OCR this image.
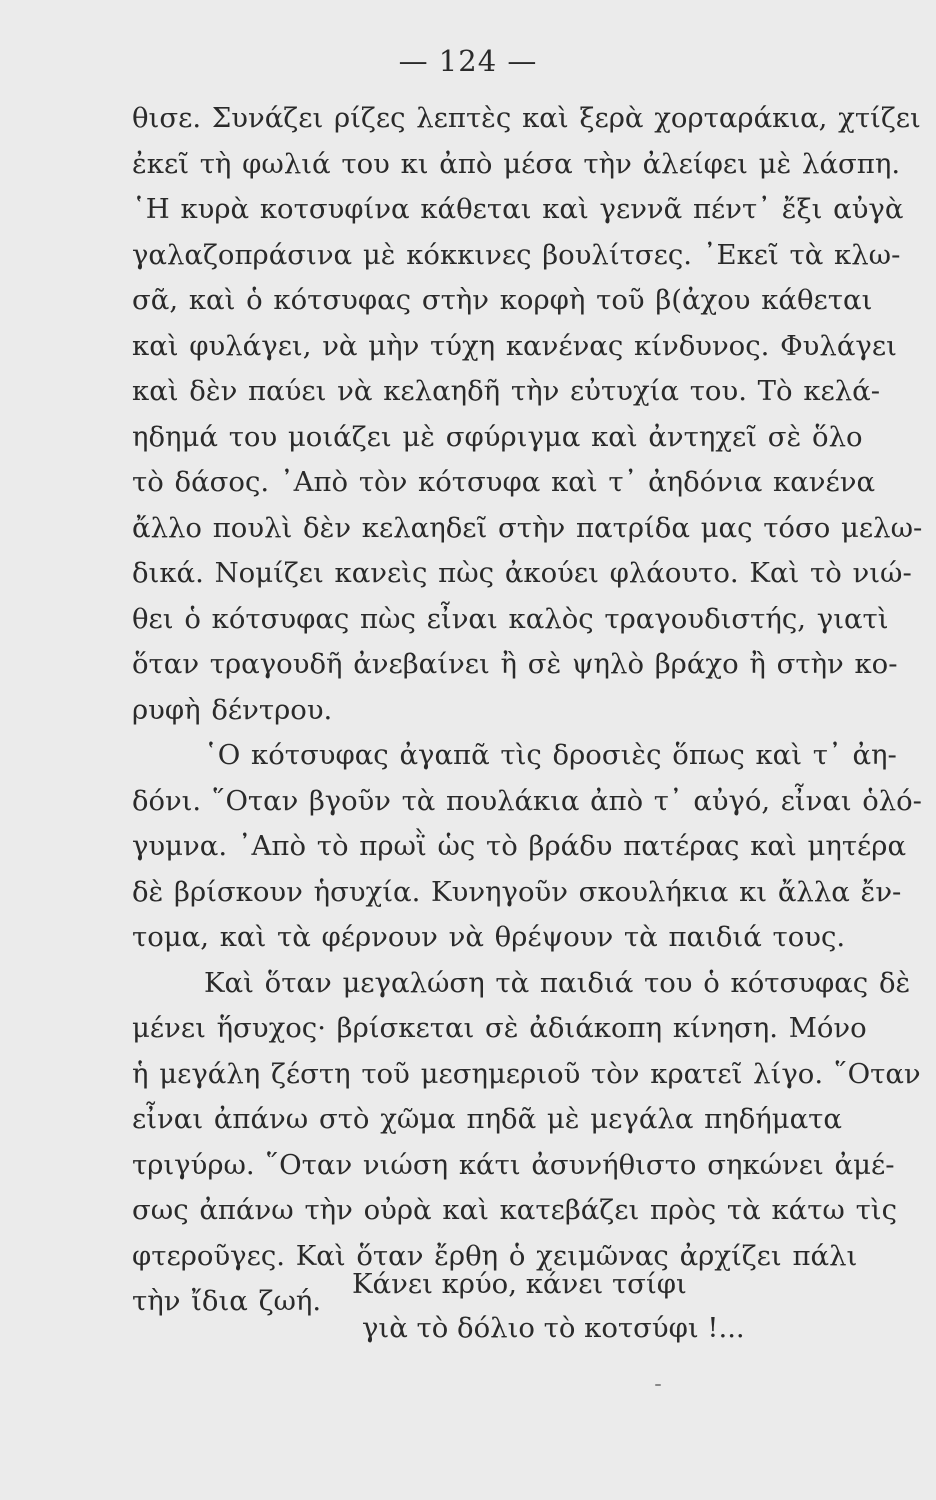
— 124 —
θισε. Συνάζει ρίζες λεπτὲς καὶ ξερὰ χορταράκια, χτίζει
ἐκεῖ τὴ φωλιά του κι ἀπὸ μέσα τὴν ἀλείφει μὲ λάσπη.
῾Η κυρὰ κοτσυφίνα κάθεται καὶ γεννᾶ πέντ᾽ ἔξι αὐγὰ
γαλαζοπράσινα μὲ κόκκινες βουλίτσες. ᾽Εκεῖ τὰ κλω-
σᾶ, καὶ ὁ κότσυφας στὴν κορφὴ τοῦ β(ἀχου κάθεται
καὶ φυλάγει, νὰ μὴν τύχη κανένας κίνδυνος. Φυλάγει
καὶ δὲν παύει νὰ κελαηδῆ τὴν εὐτυχία του. Τὸ κελά-
ηδημά του μοιάζει μὲ σφύριγμα καὶ ἀντηχεῖ σὲ ὅλο
τὸ δάσος. ᾽Απὸ τὸν κότσυφα καὶ τ᾽ ἀηδόνια κανένα
ἄλλο πουλὶ δὲν κελαηδεῖ στὴν πατρίδα μας τόσο μελω-
δικά. Νομίζει κανεὶς πὼς ἀκούει φλάουτο. Καὶ τὸ νιώ-
θει ὁ κότσυφας πὼς εἶναι καλὸς τραγουδιστής, γιατὶ
ὅταν τραγουδῆ ἀνεβαίνει ἢ σὲ ψηλὸ βράχο ἢ στὴν κο-
ρυφὴ δέντρου.
῾Ο κότσυφας ἀγαπᾶ τὶς δροσιὲς ὅπως καὶ τ᾽ ἀη-
δόνι. ῞Οταν βγοῦν τὰ πουλάκια ἀπὸ τ᾽ αὐγό, εἶναι ὁλό-
γυμνα. ᾽Απὸ τὸ πρωῒ ὡς τὸ βράδυ πατέρας καὶ μητέρα
δὲ βρίσκουν ἡσυχία. Κυνηγοῦν σκουλήκια κι ἄλλα ἔν-
τομα, καὶ τὰ φέρνουν νὰ θρέψουν τὰ παιδιά τους.
Καὶ ὅταν μεγαλώση τὰ παιδιά του ὁ κότσυφας δὲ
μένει ἥσυχος· βρίσκεται σὲ ἀδιάκοπη κίνηση. Μόνο
ἡ μεγάλη ζέστη τοῦ μεσημεριοῦ τὸν κρατεῖ λίγο. ῞Οταν
εἶναι ἀπάνω στὸ χῶμα πηδᾶ μὲ μεγάλα πηδήματα
τριγύρω. ῞Οταν νιώση κάτι ἀσυνήθιστο σηκώνει ἀμέ-
σως ἀπάνω τὴν οὐρὰ καὶ κατεβάζει πρὸς τὰ κάτω τὶς
φτεροῦγες. Καὶ ὅταν ἔρθη ὁ χειμῶνας ἀρχίζει πάλι
τὴν ἴδια ζωή.
Κάνει κρύο, κάνει τσίφι
γιὰ τὸ δόλιο τὸ κοτσύφι !...
